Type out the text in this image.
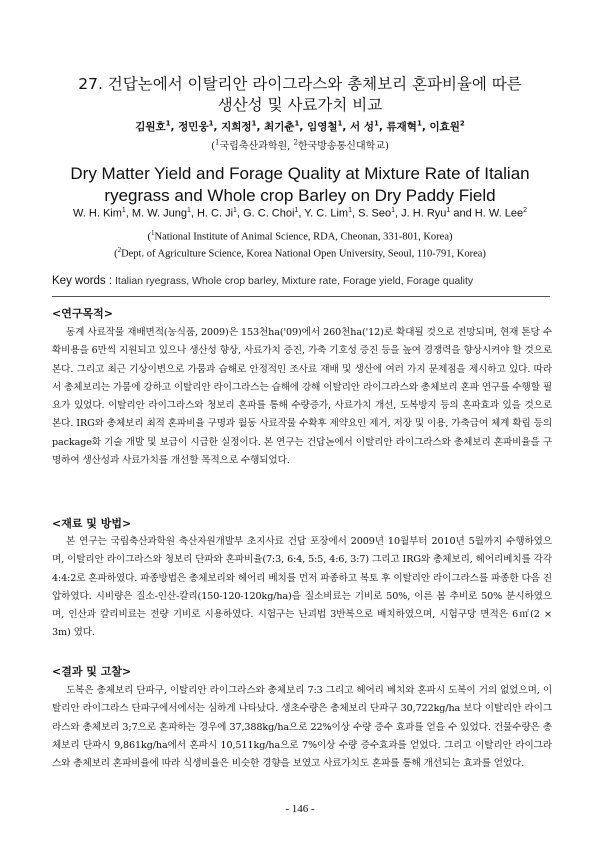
27. 건답논에서 이탈리안 라이그라스와 총체보리 혼파비율에 따른
생산성 및 사료가치 비교
김원호$^1$, 정민웅$^1$, 지희정$^1$, 최기춘$^1$, 임영철$^1$, 서 성$^1$, 류재혁$^1$, 이효원$^2$
($^1$국립축산과학원, $^2$한국방송통신대학교)
Dry Matter Yield and Forage Quality at Mixture Rate of Italian
ryegrass and Whole crop Barley on Dry Paddy Field
W. H. Kim$^1$, M. W. Jung$^1$, H. C. Ji$^1$, G. C. Choi$^1$, Y. C. Lim$^1$, S. Seo$^1$, J. H. Ryu$^1$ and H. W. Lee$^2$
($^1$National Institute of Animal Science, RDA, Cheonan, 331-801, Korea)
($^2$Dept. of Agriculture Science, Korea National Open University, Seoul, 110-791, Korea)
Key words : Italian ryegrass, Whole crop barley, Mixture rate, Forage yield, Forage quality
<연구목적>
동계 사료작물 재배면적(농식품, 2009)은 153천ha('09)에서 260천ha('12)로 확대될 것으로 전망되며, 현재 톤당 수확비용을 6만씩 지원되고 있으나 생산성 향상, 사료가치 증진, 가축 기호성 증진 등을 높여 경쟁력을 향상시켜야 할 것으로 본다. 그리고 최근 기상이변으로 가뭄과 습해로 안정적인 조사료 재배 및 생산에 여러 가지 문제점을 제시하고 있다. 따라서 총체보리는 가뭄에 강하고 이탈리안 라이그라스는 습해에 강해 이탈리안 라이그라스와 총체보리 혼파 연구를 수행할 필요가 있었다. 이탈리안 라이그라스와 청보리 혼파를 통해 수량증가, 사료가치 개선, 도복방지 등의 혼파효과 있을 것으로 본다. IRG와 총체보리 최적 혼파비율 구명과 월동 사료작물 수확후 제약요인 제거, 저장 및 이용, 가축급여 체계 확립 등의 package화 기술 개발 및 보급이 시급한 실정이다. 본 연구는 건답논에서 이탈리안 라이그라스와 총체보리 혼파비율을 구명하여 생산성과 사료가치를 개선할 목적으로 수행되었다.
<재료 및 방법>
본 연구는 국립축산과학원 축산자원개발부 초지사료 건답 포장에서 2009년 10월부터 2010년 5월까지 수행하였으며, 이탈리안 라이그라스와 청보리 단파와 혼파비율(7:3, 6:4, 5:5, 4:6, 3:7) 그리고 IRG와 총체보리, 헤어리베치를 각각 4:4:2로 혼파하였다. 파종방법은 총체보리와 헤어리 베치를 먼저 파종하고 복토 후 이탈리안 라이그라스를 파종한 다음 진압하였다. 시비량은 질소-인산-칼리(150-120-120kg/ha)을 질소비료는 기비로 50%, 이른 봄 추비로 50% 분시하였으며, 인산과 칼리비료는 전량 기비로 시용하였다. 시험구는 난괴법 3반복으로 배치하였으며, 시험구당 면적은 6㎡(2 × 3m) 였다.
<결과 및 고찰>
도복은 총체보리 단파구, 이탈리안 라이그라스와 총체보리 7:3 그리고 헤어리 베치와 혼파시 도복이 거의 없었으며, 이탈리안 라이그라스 단파구에서에서는 심하게 나타났다. 생초수량은 총체보리 단파구 30,722kg/ha 보다 이탈리안 라이그라스와 총체보리 3;7으로 혼파하는 경우에 37,388kg/ha으로 22%이상 수량 증수 효과를 얻을 수 있었다. 건물수량은 총체보리 단파시 9,861kg/ha에서 혼파시 10,511kg/ha으로 7%이상 수량 증수효과를 얻었다. 그리고 이탈리안 라이그라스와 총체보리 혼파비율에 따라 식생비율은 비슷한 경향을 보였고 사료가치도 혼파를 통해 개선되는 효과를 얻었다.
- 146 -
